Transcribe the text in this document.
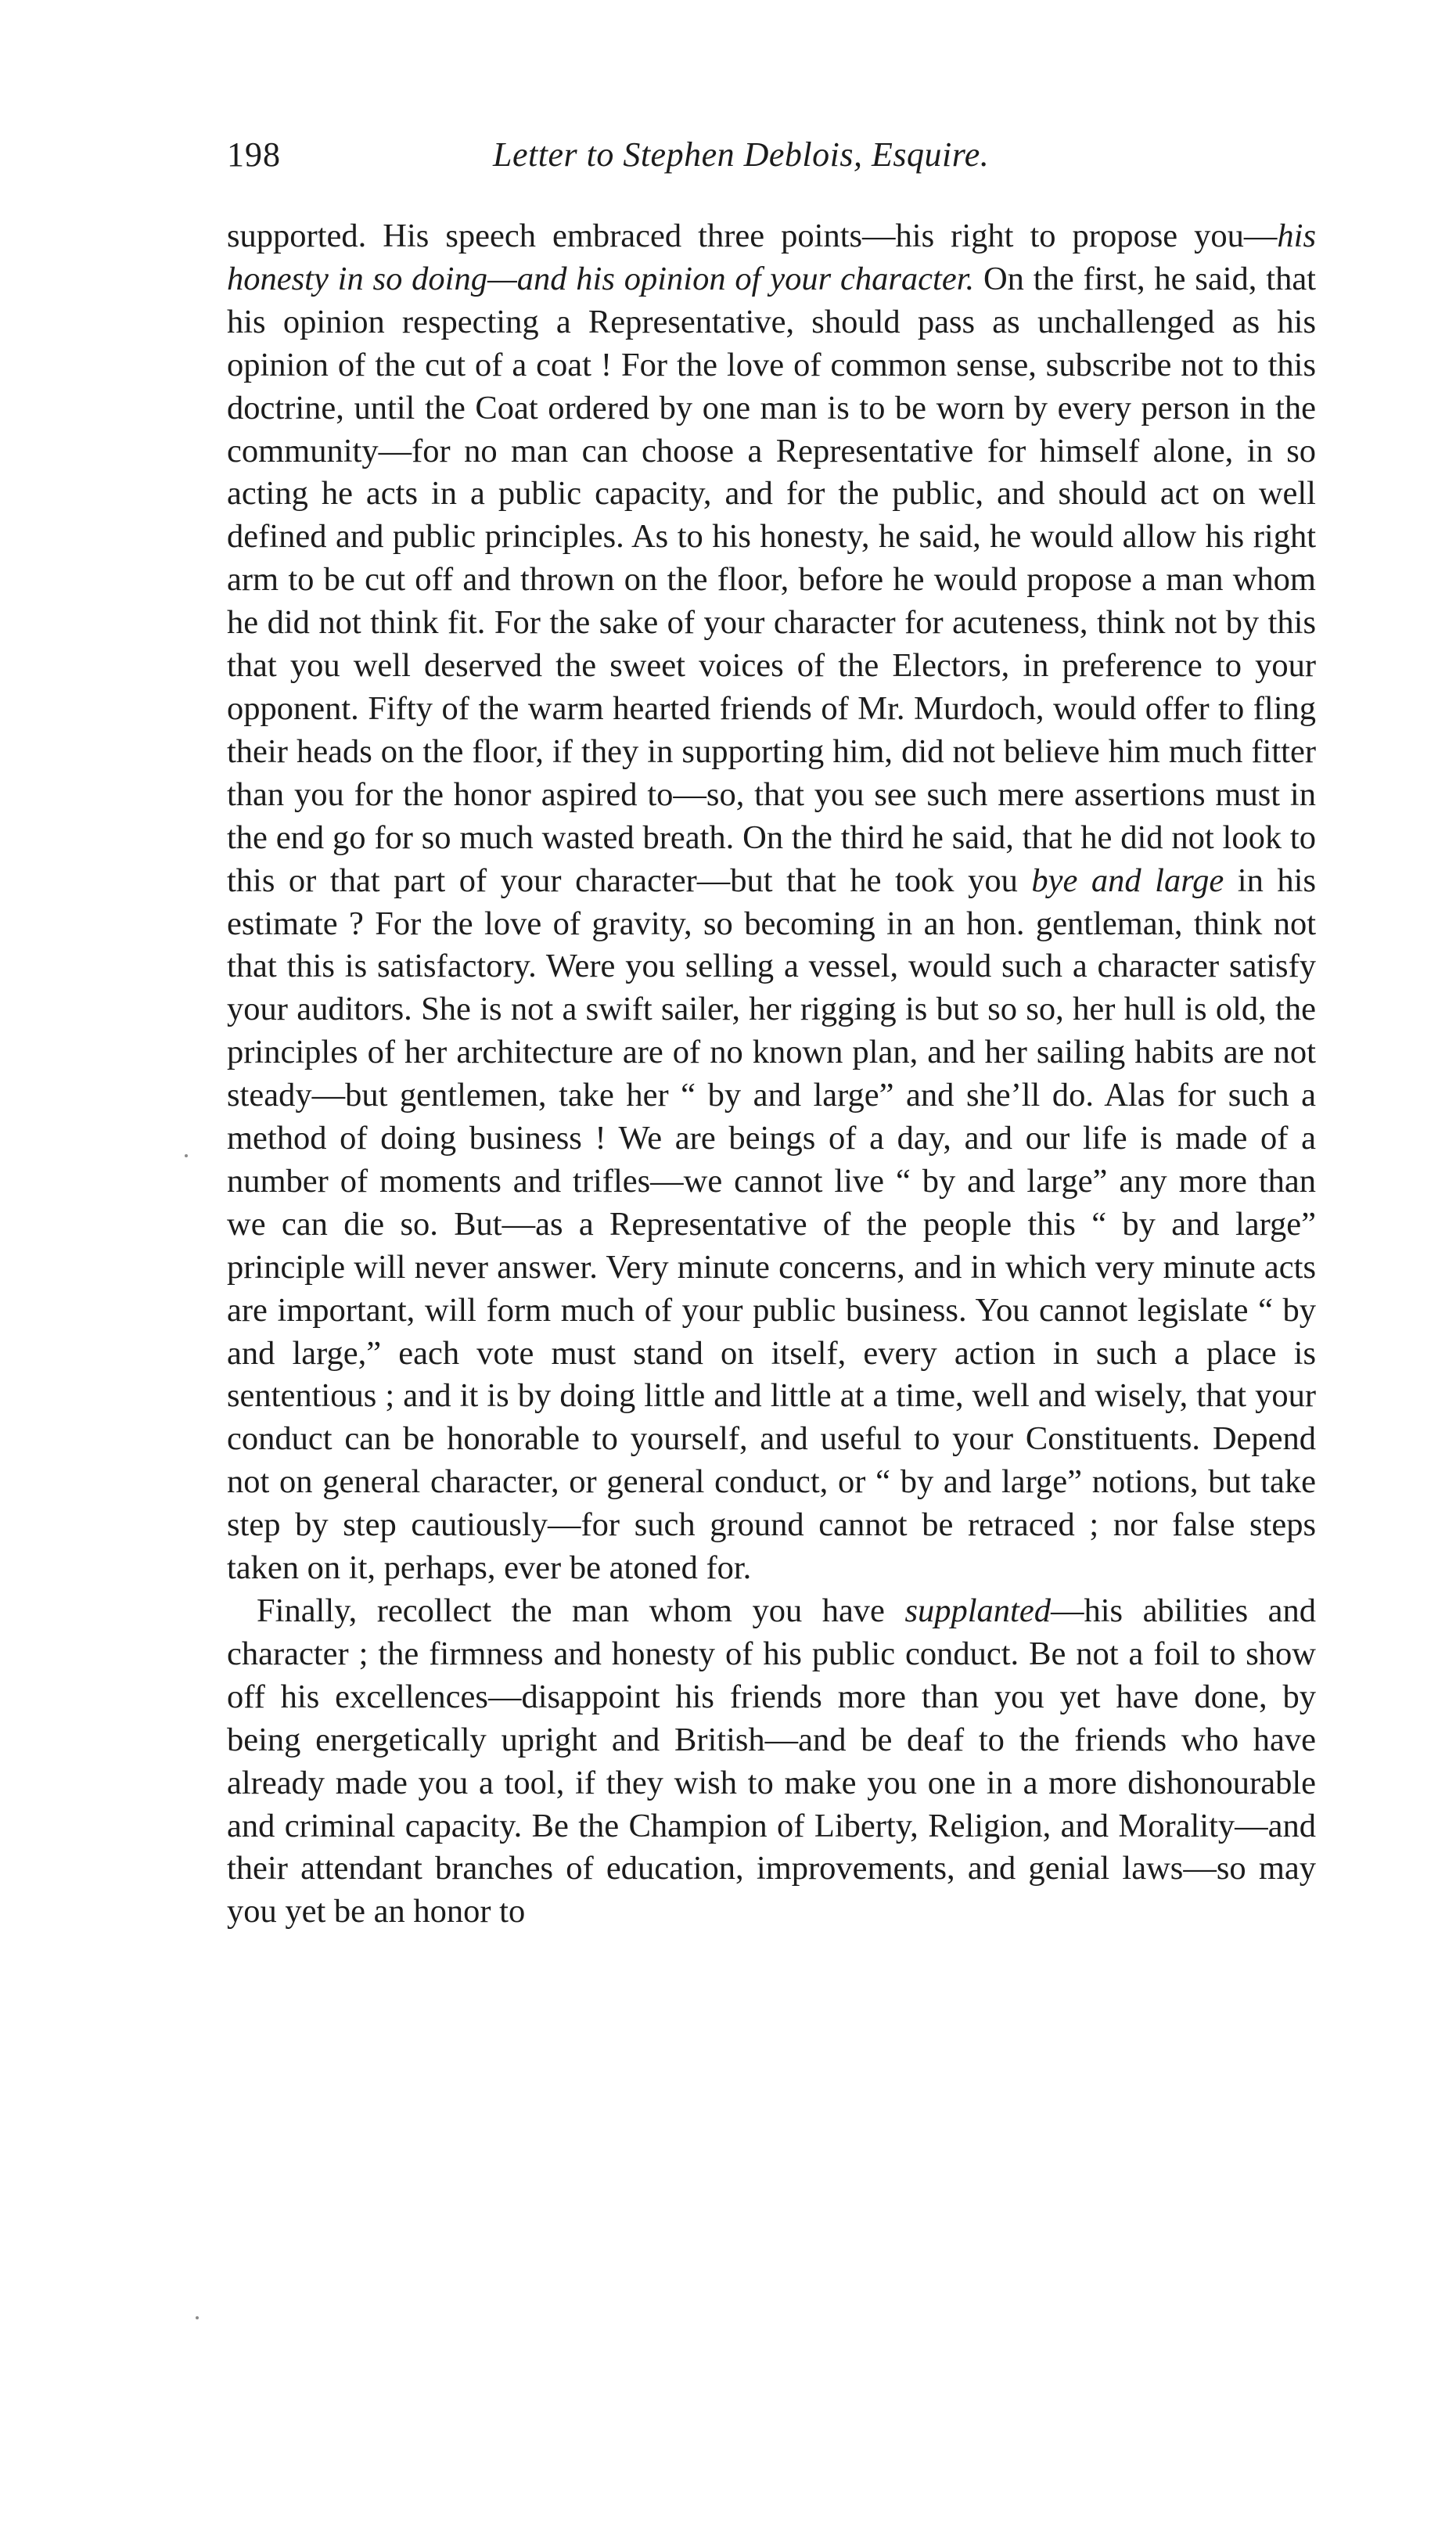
198	Letter to Stephen Deblois, Esquire.

supported. His speech embraced three points—his right to propose you—his honesty in so doing—and his opinion of your character. On the first, he said, that his opinion respecting a Representative, should pass as unchallenged as his opinion of the cut of a coat ! For the love of common sense, subscribe not to this doctrine, until the Coat ordered by one man is to be worn by every person in the community—for no man can choose a Representative for himself alone, in so acting he acts in a public capacity, and for the public, and should act on well defined and public principles. As to his honesty, he said, he would allow his right arm to be cut off and thrown on the floor, before he would propose a man whom he did not think fit. For the sake of your character for acuteness, think not by this that you well deserved the sweet voices of the Electors, in preference to your opponent. Fifty of the warm hearted friends of Mr. Murdoch, would offer to fling their heads on the floor, if they in supporting him, did not believe him much fitter than you for the honor aspired to—so, that you see such mere assertions must in the end go for so much wasted breath. On the third he said, that he did not look to this or that part of your character—but that he took you bye and large in his estimate ? For the love of gravity, so becoming in an hon. gentleman, think not that this is satisfactory. Were you selling a vessel, would such a character satisfy your auditors. She is not a swift sailer, her rigging is but so so, her hull is old, the principles of her architecture are of no known plan, and her sailing habits are not steady—but gentlemen, take her “ by and large” and she’ll do. Alas for such a method of doing business ! We are beings of a day, and our life is made of a number of moments and trifles—we cannot live “ by and large” any more than we can die so. But—as a Representative of the people this “ by and large” principle will never answer. Very minute concerns, and in which very minute acts are important, will form much of your public business. You cannot legislate “ by and large,” each vote must stand on itself, every action in such a place is sententious ; and it is by doing little and little at a time, well and wisely, that your conduct can be honorable to yourself, and useful to your Constituents. Depend not on general character, or general conduct, or “ by and large” notions, but take step by step cautiously—for such ground cannot be retraced ; nor false steps taken on it, perhaps, ever be atoned for.

Finally, recollect the man whom you have supplanted—his abilities and character ; the firmness and honesty of his public conduct. Be not a foil to show off his excellences—disappoint his friends more than you yet have done, by being energetically upright and British—and be deaf to the friends who have already made you a tool, if they wish to make you one in a more dishonourable and criminal capacity. Be the Champion of Liberty, Religion, and Morality—and their attendant branches of education, improvements, and genial laws—so may you yet be an honor to
